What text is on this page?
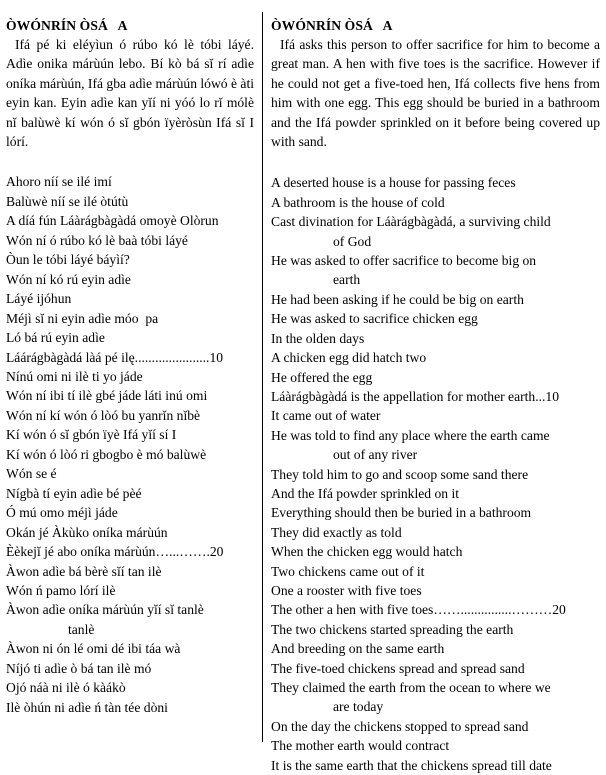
ÒWÓNRÍN ÒSÁ   A

Ifá pé ki eléyìun ó rúbo kó lè tóbi láyé. Adìe onika márùún lebo. Bí kò bá sĭ rí adìe oníka márùún, Ifá gba adìe márùún lówó è àti eyin kan. Eyin adìe kan yĭí ni yóó lo rĭ mólè nĭ balùwè kí wón ó sĭ gbón ïyèròsùn Ifá sĭ I lórí.

Ahoro níí se ilé imí
Balùwè níí se ilé òtútù
A díá fún Láàrágbàgàdá omoyè Olòrun
Wón ní ó rúbo kó lè baà tóbi láyé
Òun le tóbi láyé báyìí?
Wón ní kó rú eyin adìe
Láyé ijóhun
Méjì sĭ ni eyin adìe móo  pa
Ló bá rú eyin adìe
Láárágbàgàdá làá pé ilę......................10
Nínú omi ni ilè ti yo jáde
Wón ní ibi tí ilè gbé jáde láti inú omi
Wón ní kí wón ó lòó bu yanrĭn nĭbè
Kí wón ó sĭ gbón ïyè Ifá yĭí sí I
Kí wón ó lòó ri gbogbo è mó balùwè
Wón se é
Nígbà tí eyin adìe bé pèé
Ó mú omo méjì jáde
Okán jé Àkùko oníka márùún
Èèkejĭ jé abo oníka márùún…...…….20
Àwon adìe bá bèrè sĭí tan ilè
Wón ń pamo lórí ilè
Àwon adìe oníka márùún yĭí sĭ tanlè
tanlè
Àwon ni ón lé omi dé ibi táa wà
Níjó ti adìe ò bá tan ilè mó
Ojó náà ni ilè ó kàákò
Ilè òhún ni adìe ń tàn tée dòni
ÒWÓNRÍN ÒSÁ   A

Ifá asks this person to offer sacrifice for him to become a great man. A hen with five toes is the sacrifice. However if he could not get a five-toed hen, Ifá collects five hens from him with one egg. This egg should be buried in a bathroom and the Ifá powder sprinkled on it before being covered up with sand.

A deserted house is a house for passing feces
A bathroom is the house of cold
Cast divination for Láàrágbàgàdá, a surviving child
of God
He was asked to offer sacrifice to become big on
earth
He had been asking if he could be big on earth
He was asked to sacrifice chicken egg
In the olden days
A chicken egg did hatch two
He offered the egg
Láàrágbàgàdá is the appellation for mother earth...10
It came out of water
He was told to find any place where the earth came
out of any river
They told him to go and scoop some sand there
And the Ifá powder sprinkled on it
Everything should then be buried in a bathroom
They did exactly as told
When the chicken egg would hatch
Two chickens came out of it
One a rooster with five toes
The other a hen with five toes……...............………20
The two chickens started spreading the earth
And breeding on the same earth
The five-toed chickens spread and spread sand
They claimed the earth from the ocean to where we
are today
On the day the chickens stopped to spread sand
The mother earth would contract
It is the same earth that the chickens spread till date
